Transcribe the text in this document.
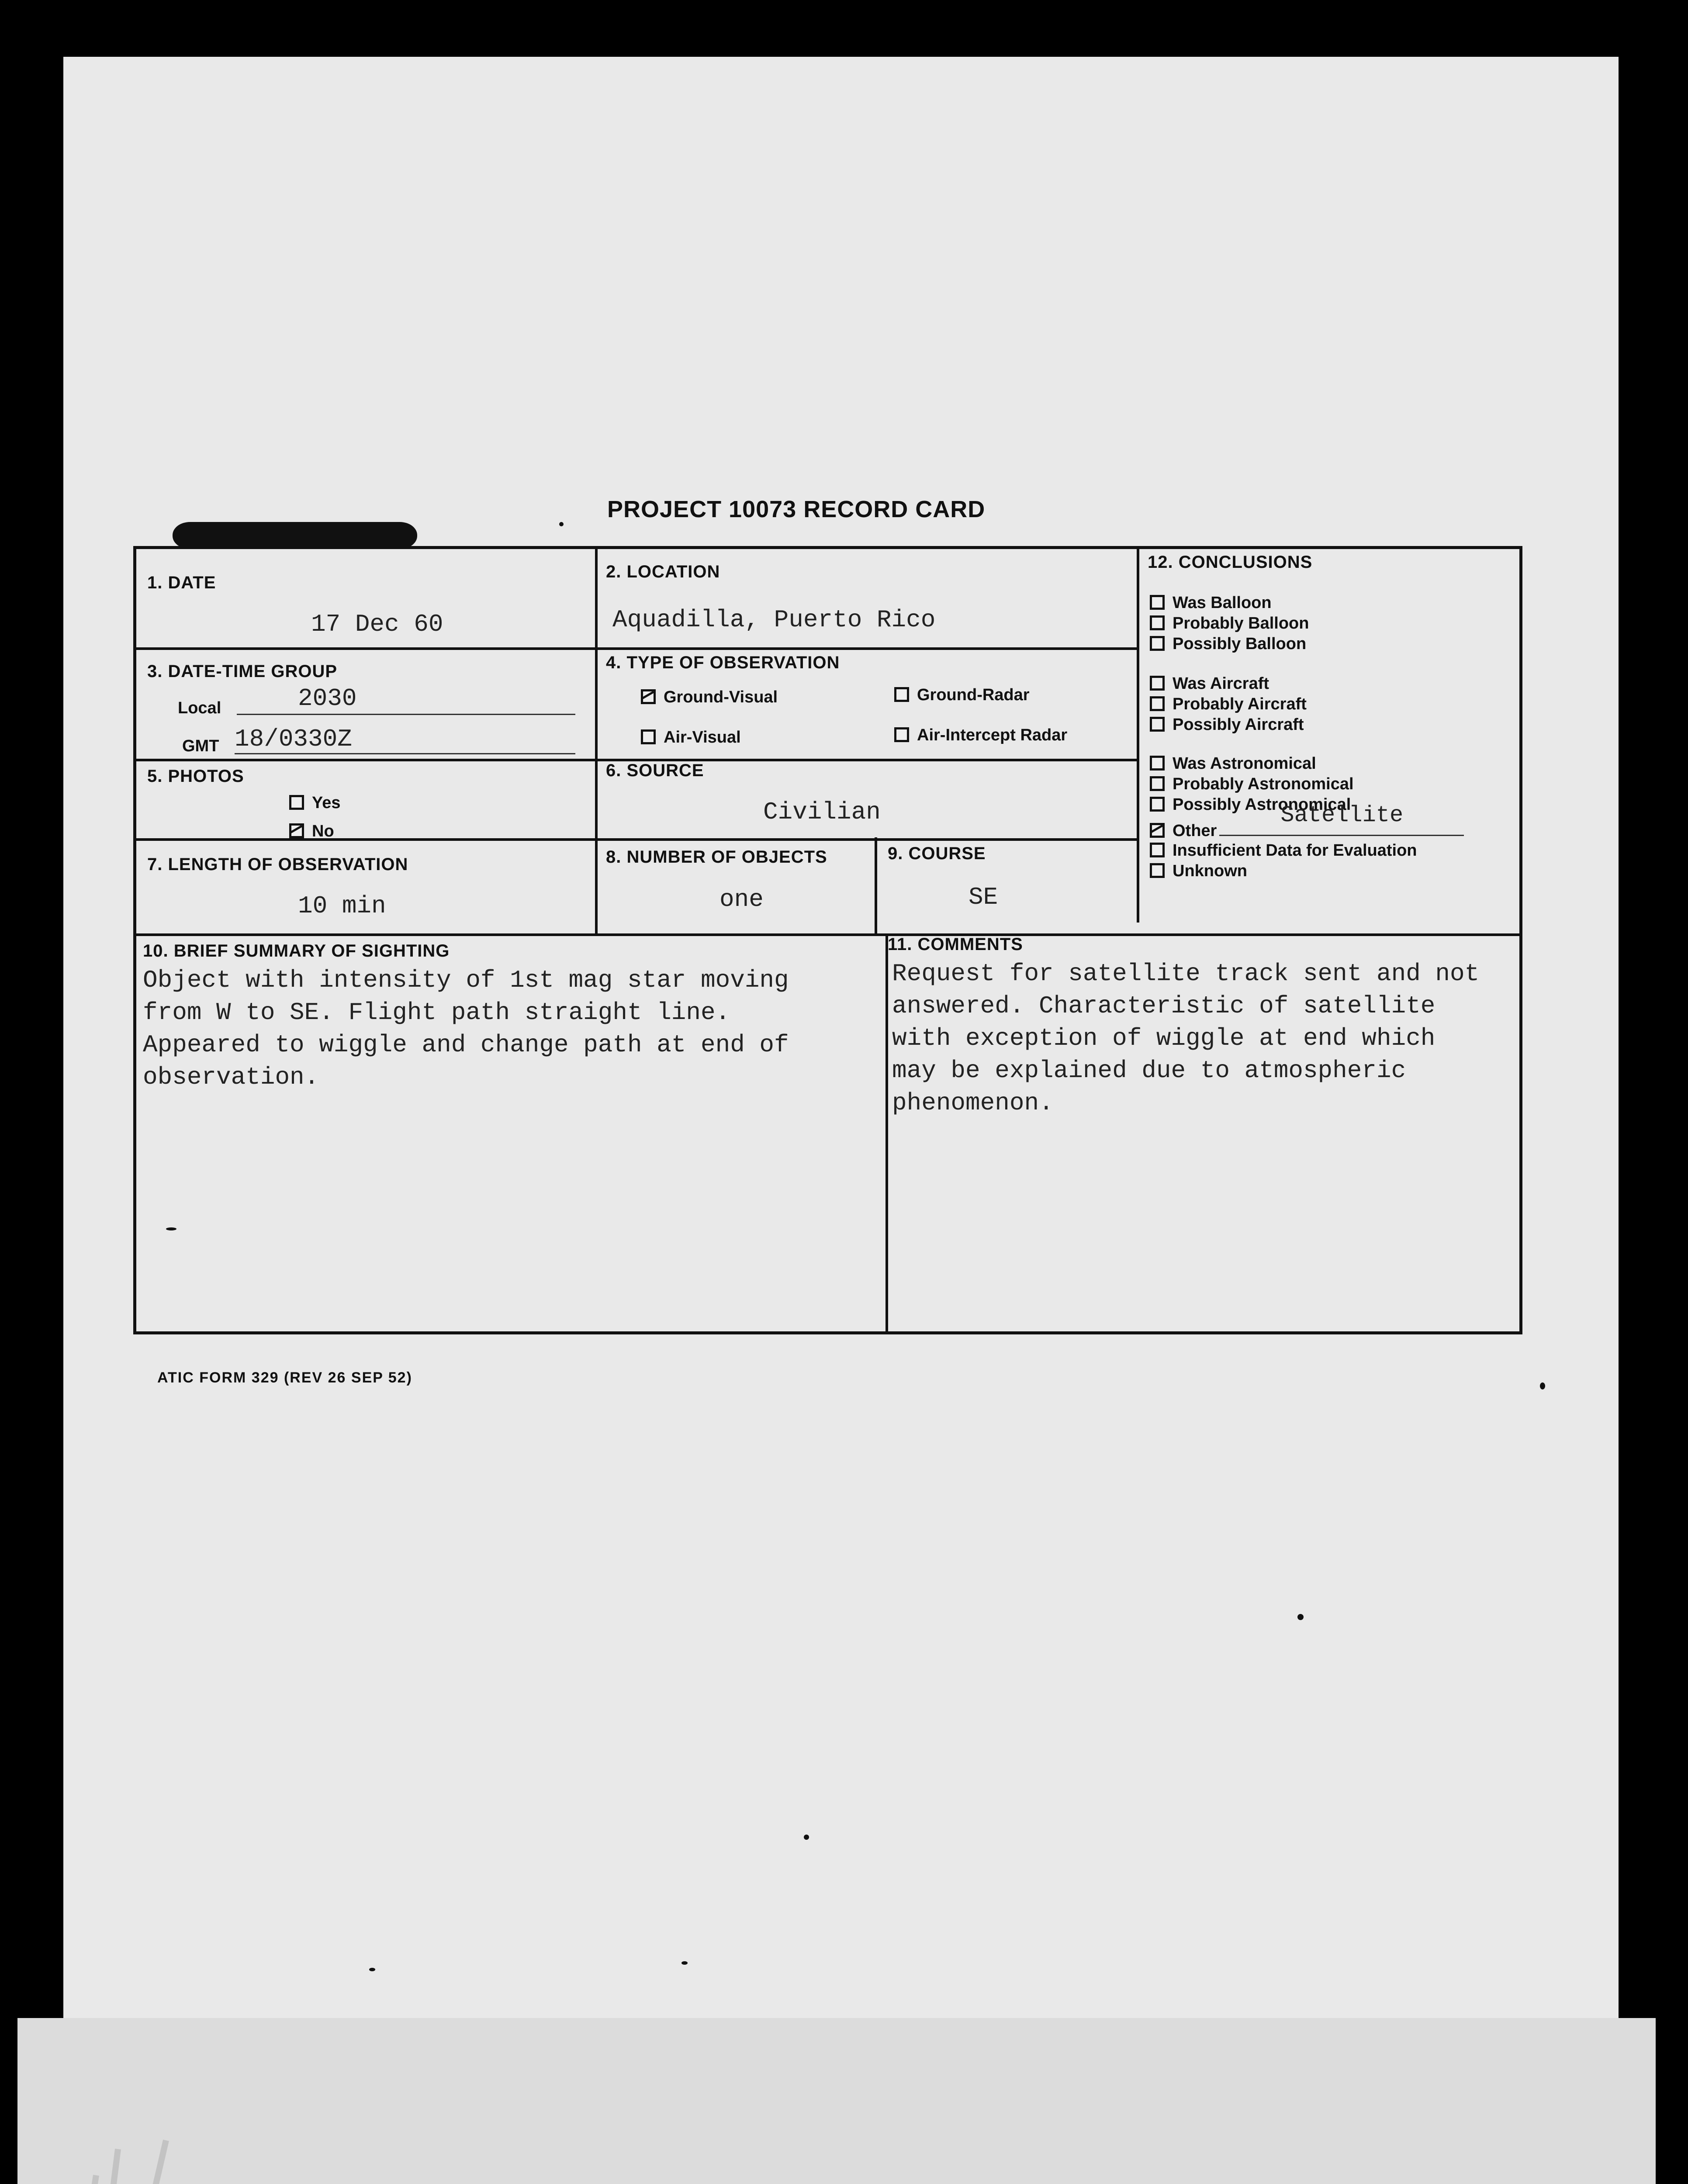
PROJECT 10073 RECORD CARD
1. DATE
17 Dec 60
2. LOCATION
Aquadilla, Puerto Rico
3. DATE-TIME GROUP
Local	2030
GMT 18/0330Z
4. TYPE OF OBSERVATION
Ground-Visual	Ground-Radar
Air-Visual	Air-Intercept Radar
5. PHOTOS
Yes
No
6. SOURCE
Civilian
7. LENGTH OF OBSERVATION
10 min
8. NUMBER OF OBJECTS
one
9. COURSE
SE
10. BRIEF SUMMARY OF SIGHTING
Object with intensity of 1st mag star moving
from W to SE. Flight path straight line.
Appeared to wiggle and change path at end of
observation.
11. COMMENTS
Request for satellite track sent and not
answered. Characteristic of satellite
with exception of wiggle at end which
may be explained due to atmospheric
phenomenon.
12. CONCLUSIONS
Was Balloon
Probably Balloon
Possibly Balloon
Was Aircraft
Probably Aircraft
Possibly Aircraft
Was Astronomical
Probably Astronomical
Possibly Astronomical
Other
Satellite
Insufficient Data for Evaluation
Unknown
ATIC FORM 329 (REV 26 SEP 52)
